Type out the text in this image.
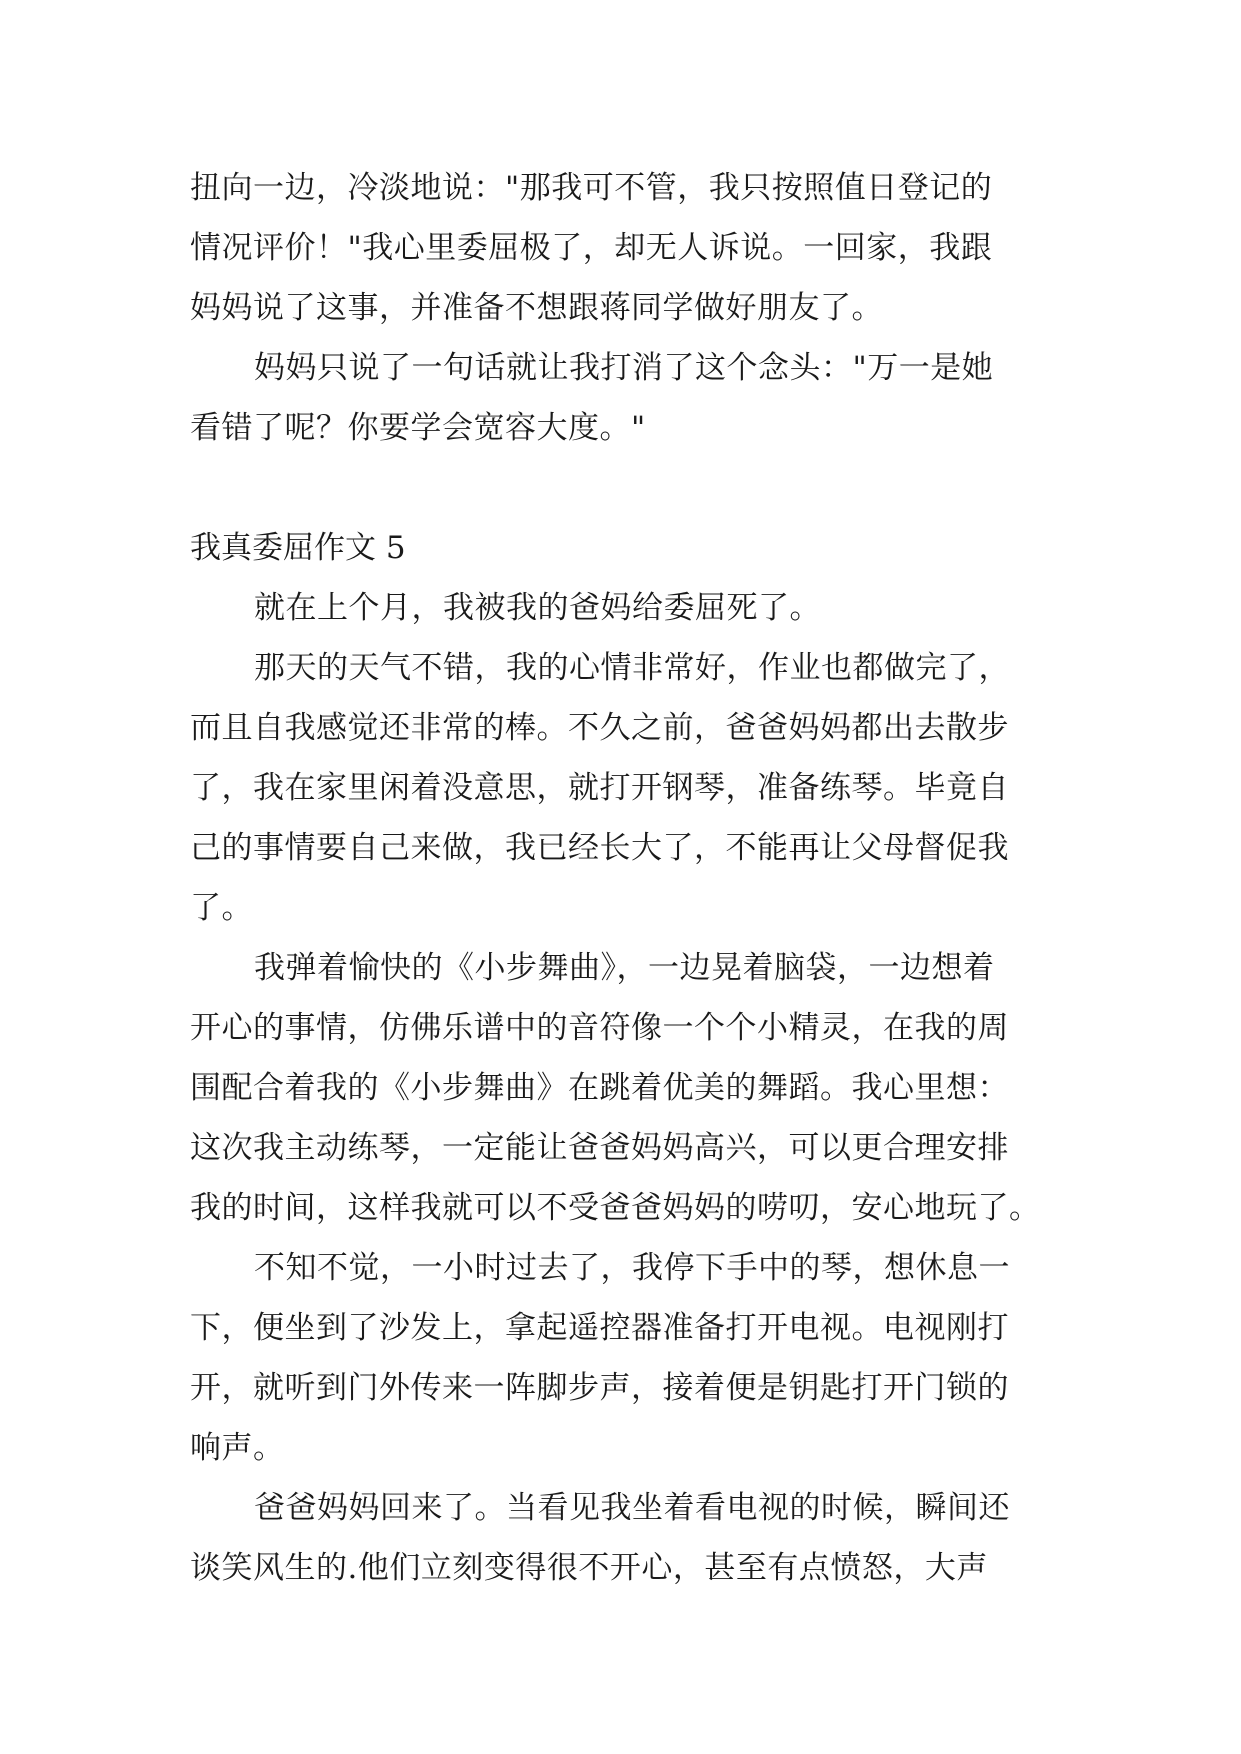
扭向一边，冷淡地说："那我可不管，我只按照值日登记的
情况评价！"我心里委屈极了，却无人诉说。一回家，我跟
妈妈说了这事，并准备不想跟蒋同学做好朋友了。
妈妈只说了一句话就让我打消了这个念头："万一是她
看错了呢？你要学会宽容大度。"
我真委屈作文 5
就在上个月，我被我的爸妈给委屈死了。
那天的天气不错，我的心情非常好，作业也都做完了，
而且自我感觉还非常的棒。不久之前，爸爸妈妈都出去散步
了，我在家里闲着没意思，就打开钢琴，准备练琴。毕竟自
己的事情要自己来做，我已经长大了，不能再让父母督促我
了。
我弹着愉快的《小步舞曲》，一边晃着脑袋，一边想着
开心的事情，仿佛乐谱中的音符像一个个小精灵，在我的周
围配合着我的《小步舞曲》在跳着优美的舞蹈。我心里想：
这次我主动练琴，一定能让爸爸妈妈高兴，可以更合理安排
我的时间，这样我就可以不受爸爸妈妈的唠叨，安心地玩了。
不知不觉，一小时过去了，我停下手中的琴，想休息一
下，便坐到了沙发上，拿起遥控器准备打开电视。电视刚打
开，就听到门外传来一阵脚步声，接着便是钥匙打开门锁的
响声。
爸爸妈妈回来了。当看见我坐着看电视的时候，瞬间还
谈笑风生的.他们立刻变得很不开心，甚至有点愤怒，大声
